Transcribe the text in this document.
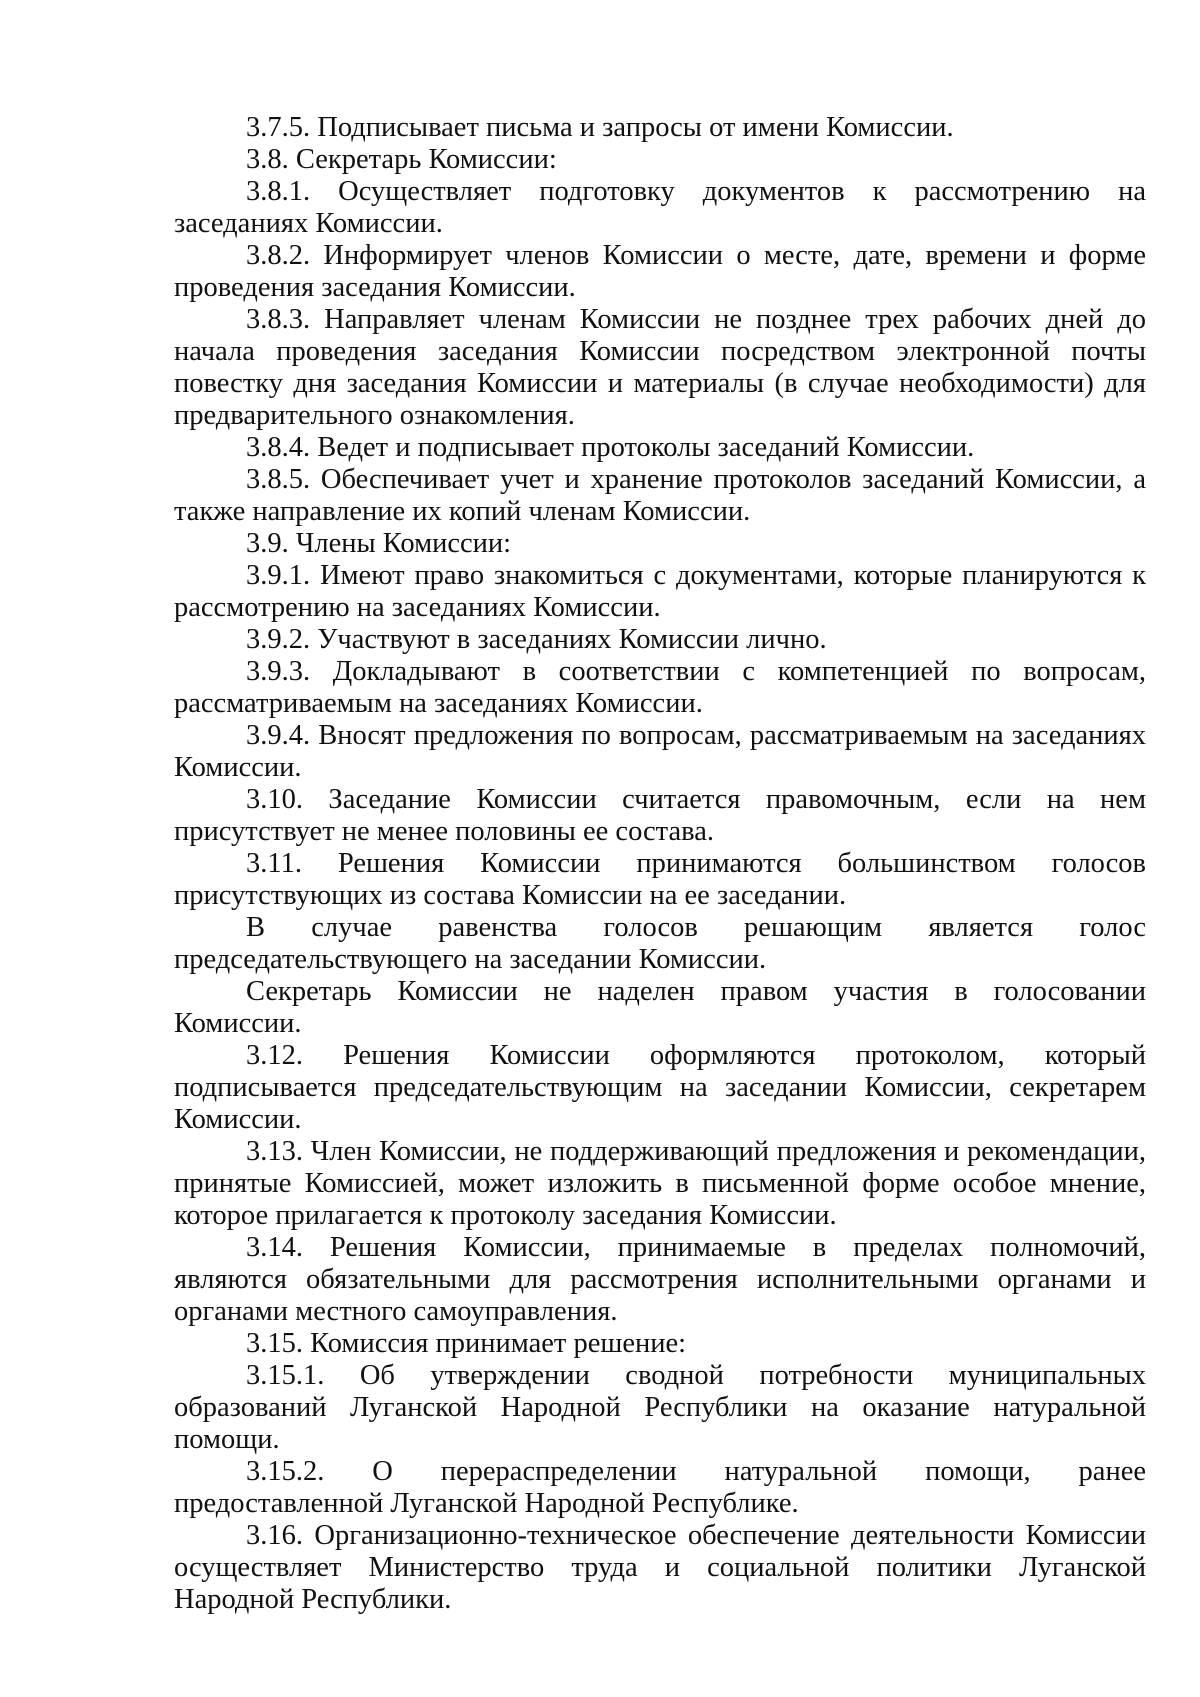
3.7.5. Подписывает письма и запросы от имени Комиссии.

3.8. Секретарь Комиссии:

3.8.1. Осуществляет подготовку документов к рассмотрению на заседаниях Комиссии.

3.8.2. Информирует членов Комиссии о месте, дате, времени и форме проведения заседания Комиссии.

3.8.3. Направляет членам Комиссии не позднее трех рабочих дней до начала проведения заседания Комиссии посредством электронной почты повестку дня заседания Комиссии и материалы (в случае необходимости) для предварительного ознакомления.

3.8.4. Ведет и подписывает протоколы заседаний Комиссии.

3.8.5. Обеспечивает учет и хранение протоколов заседаний Комиссии, а также направление их копий членам Комиссии.

3.9. Члены Комиссии:

3.9.1. Имеют право знакомиться с документами, которые планируются к рассмотрению на заседаниях Комиссии.

3.9.2. Участвуют в заседаниях Комиссии лично.

3.9.3. Докладывают в соответствии с компетенцией по вопросам, рассматриваемым на заседаниях Комиссии.

3.9.4. Вносят предложения по вопросам, рассматриваемым на заседаниях Комиссии.

3.10. Заседание Комиссии считается правомочным, если на нем присутствует не менее половины ее состава.

3.11. Решения Комиссии принимаются большинством голосов присутствующих из состава Комиссии на ее заседании.

В случае равенства голосов решающим является голос председательствующего на заседании Комиссии.

Секретарь Комиссии не наделен правом участия в голосовании Комиссии.

3.12. Решения Комиссии оформляются протоколом, который подписывается председательствующим на заседании Комиссии, секретарем Комиссии.

3.13. Член Комиссии, не поддерживающий предложения и рекомендации, принятые Комиссией, может изложить в письменной форме особое мнение, которое прилагается к протоколу заседания Комиссии.

3.14. Решения Комиссии, принимаемые в пределах полномочий, являются обязательными для рассмотрения исполнительными органами и органами местного самоуправления.

3.15. Комиссия принимает решение:

3.15.1. Об утверждении сводной потребности муниципальных образований Луганской Народной Республики на оказание натуральной помощи.

3.15.2. О перераспределении натуральной помощи, ранее предоставленной Луганской Народной Республике.

3.16. Организационно-техническое обеспечение деятельности Комиссии осуществляет Министерство труда и социальной политики Луганской Народной Республики.
